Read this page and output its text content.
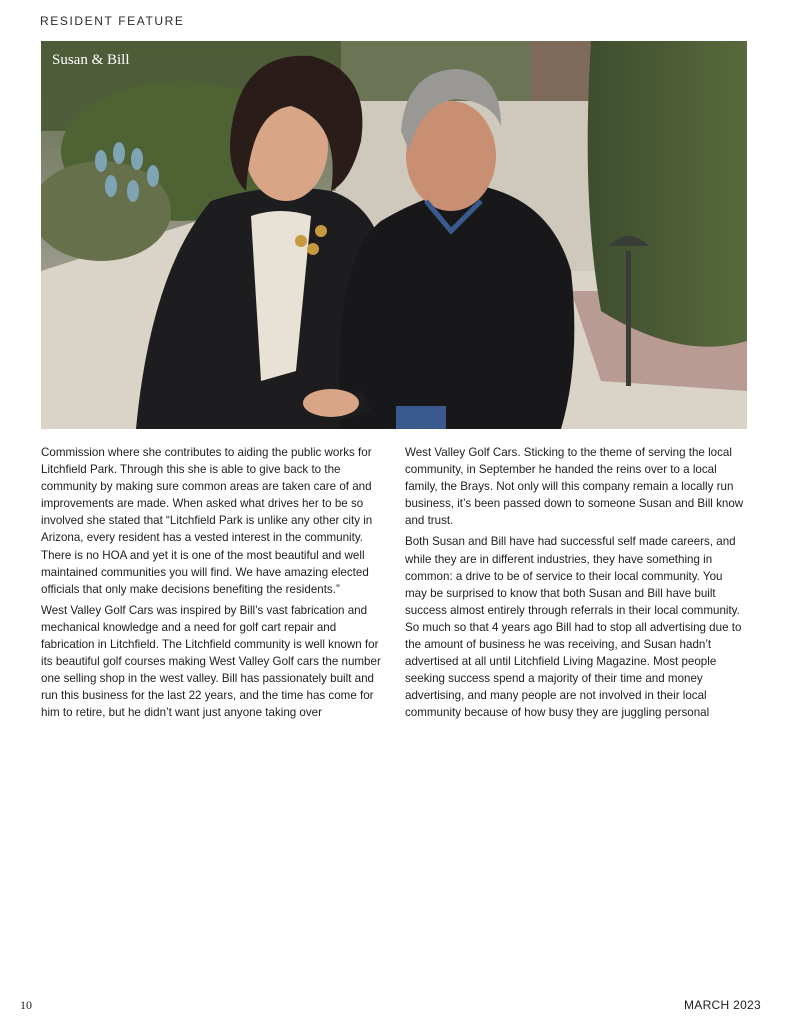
RESIDENT FEATURE
Susan & Bill

Commission where she contributes to aiding the public works for Litchfield Park. Through this she is able to give back to the community by making sure common areas are taken care of and improvements are made. When asked what drives her to be so involved she stated that “Litchfield Park is unlike any other city in Arizona, every resident has a vested interest in the community. There is no HOA and yet it is one of the most beautiful and well maintained communities you will find. We have amazing elected officials that only make decisions benefiting the residents.”

West Valley Golf Cars was inspired by Bill’s vast fabrication and mechanical knowledge and a need for golf cart repair and fabrication in Litchfield. The Litchfield community is well known for its beautiful golf courses making West Valley Golf cars the number one selling shop in the west valley. Bill has passionately built and run this business for the last 22 years, and the time has come for him to retire, but he didn’t want just anyone taking over

West Valley Golf Cars. Sticking to the theme of serving the local community, in September he handed the reins over to a local family, the Brays. Not only will this company remain a locally run business, it’s been passed down to someone Susan and Bill know and trust.

Both Susan and Bill have had successful self made careers, and while they are in different industries, they have something in common: a drive to be of service to their local community. You may be surprised to know that both Susan and Bill have built success almost entirely through referrals in their local community. So much so that 4 years ago Bill had to stop all advertising due to the amount of business he was receiving, and Susan hadn’t advertised at all until Litchfield Living Magazine. Most people seeking success spend a majority of their time and money advertising, and many people are not involved in their local community because of how busy they are juggling personal

10	MARCH 2023
